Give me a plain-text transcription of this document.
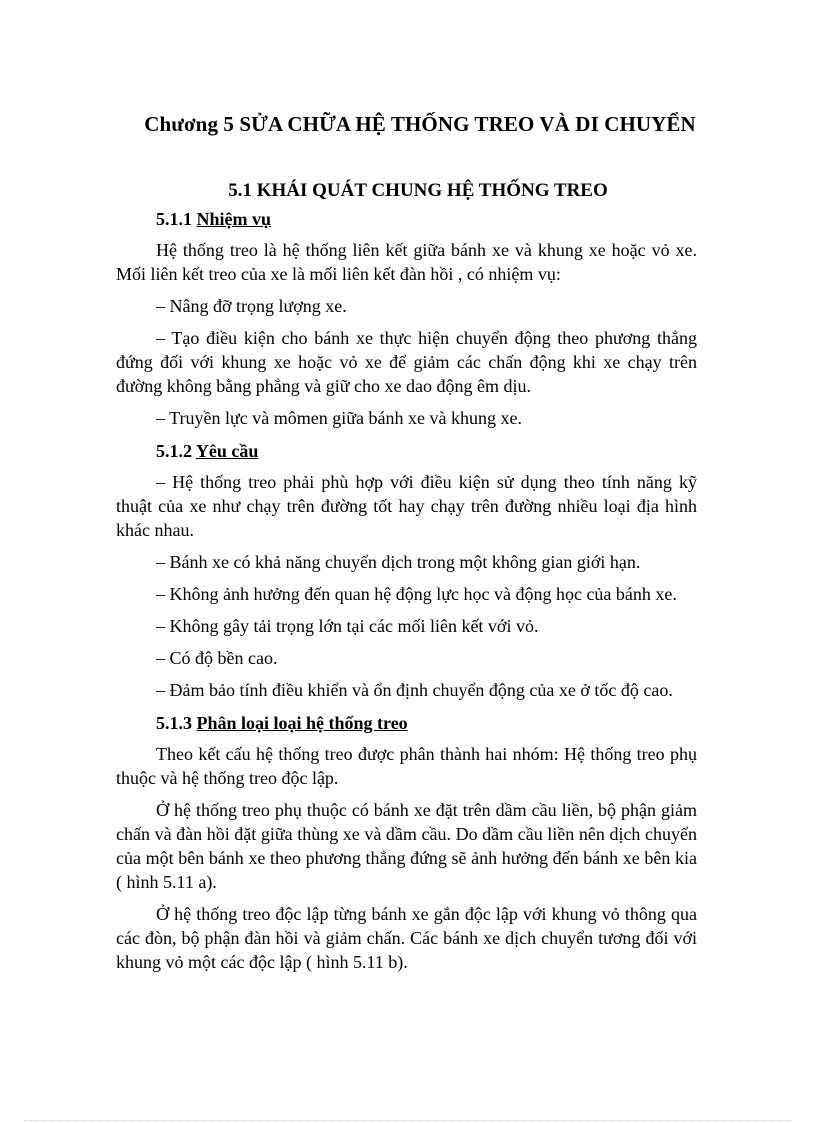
Chương 5 SỬA CHỮA HỆ THỐNG TREO VÀ DI CHUYỂN
5.1 KHÁI QUÁT CHUNG HỆ THỐNG TREO
5.1.1 Nhiệm vụ

Hệ thống treo là hệ thống liên kết giữa bánh xe và khung xe hoặc vỏ xe. Mối liên kết treo của xe là mối liên kết đàn hồi , có nhiệm vụ:

– Nâng đỡ trọng lượng xe.

– Tạo điều kiện cho bánh xe thực hiện chuyển động theo phương thẳng đứng đối với khung xe hoặc vỏ xe để giảm các chấn động khi xe chạy trên đường không bằng phẳng và giữ cho xe dao động êm dịu.

– Truyền lực và mômen giữa bánh xe và khung xe.

5.1.2 Yêu cầu

– Hệ thống treo phải phù hợp với điều kiện sử dụng theo tính năng kỹ thuật của xe như chạy trên đường tốt hay chạy trên đường nhiều loại địa hình khác nhau.

– Bánh xe có khả năng chuyển dịch trong một không gian giới hạn.

– Không ảnh hưởng đến quan hệ động lực học và động học của bánh xe.

– Không gây tải trọng lớn tại các mối liên kết với vỏ.

– Có độ bền cao.

– Đảm bảo tính điều khiển và ổn định chuyển động của xe ở tốc độ cao.

5.1.3 Phân loại loại hệ thống treo

Theo kết cấu hệ thống treo được phân thành hai nhóm: Hệ thống treo phụ thuộc và hệ thống treo độc lập.

Ở hệ thống treo phụ thuộc có bánh xe đặt trên dầm cầu liền, bộ phận giảm chấn và đàn hồi đặt giữa thùng xe và dầm cầu. Do dầm cầu liền nên dịch chuyển của một bên bánh xe theo phương thẳng đứng sẽ ảnh hưởng đến bánh xe bên kia ( hình 5.11 a).

Ở hệ thống treo độc lập từng bánh xe gắn độc lập với khung vỏ thông qua các đòn, bộ phận đàn hồi và giảm chấn. Các bánh xe dịch chuyển tương đối với khung vỏ một các độc lập ( hình 5.11 b).
